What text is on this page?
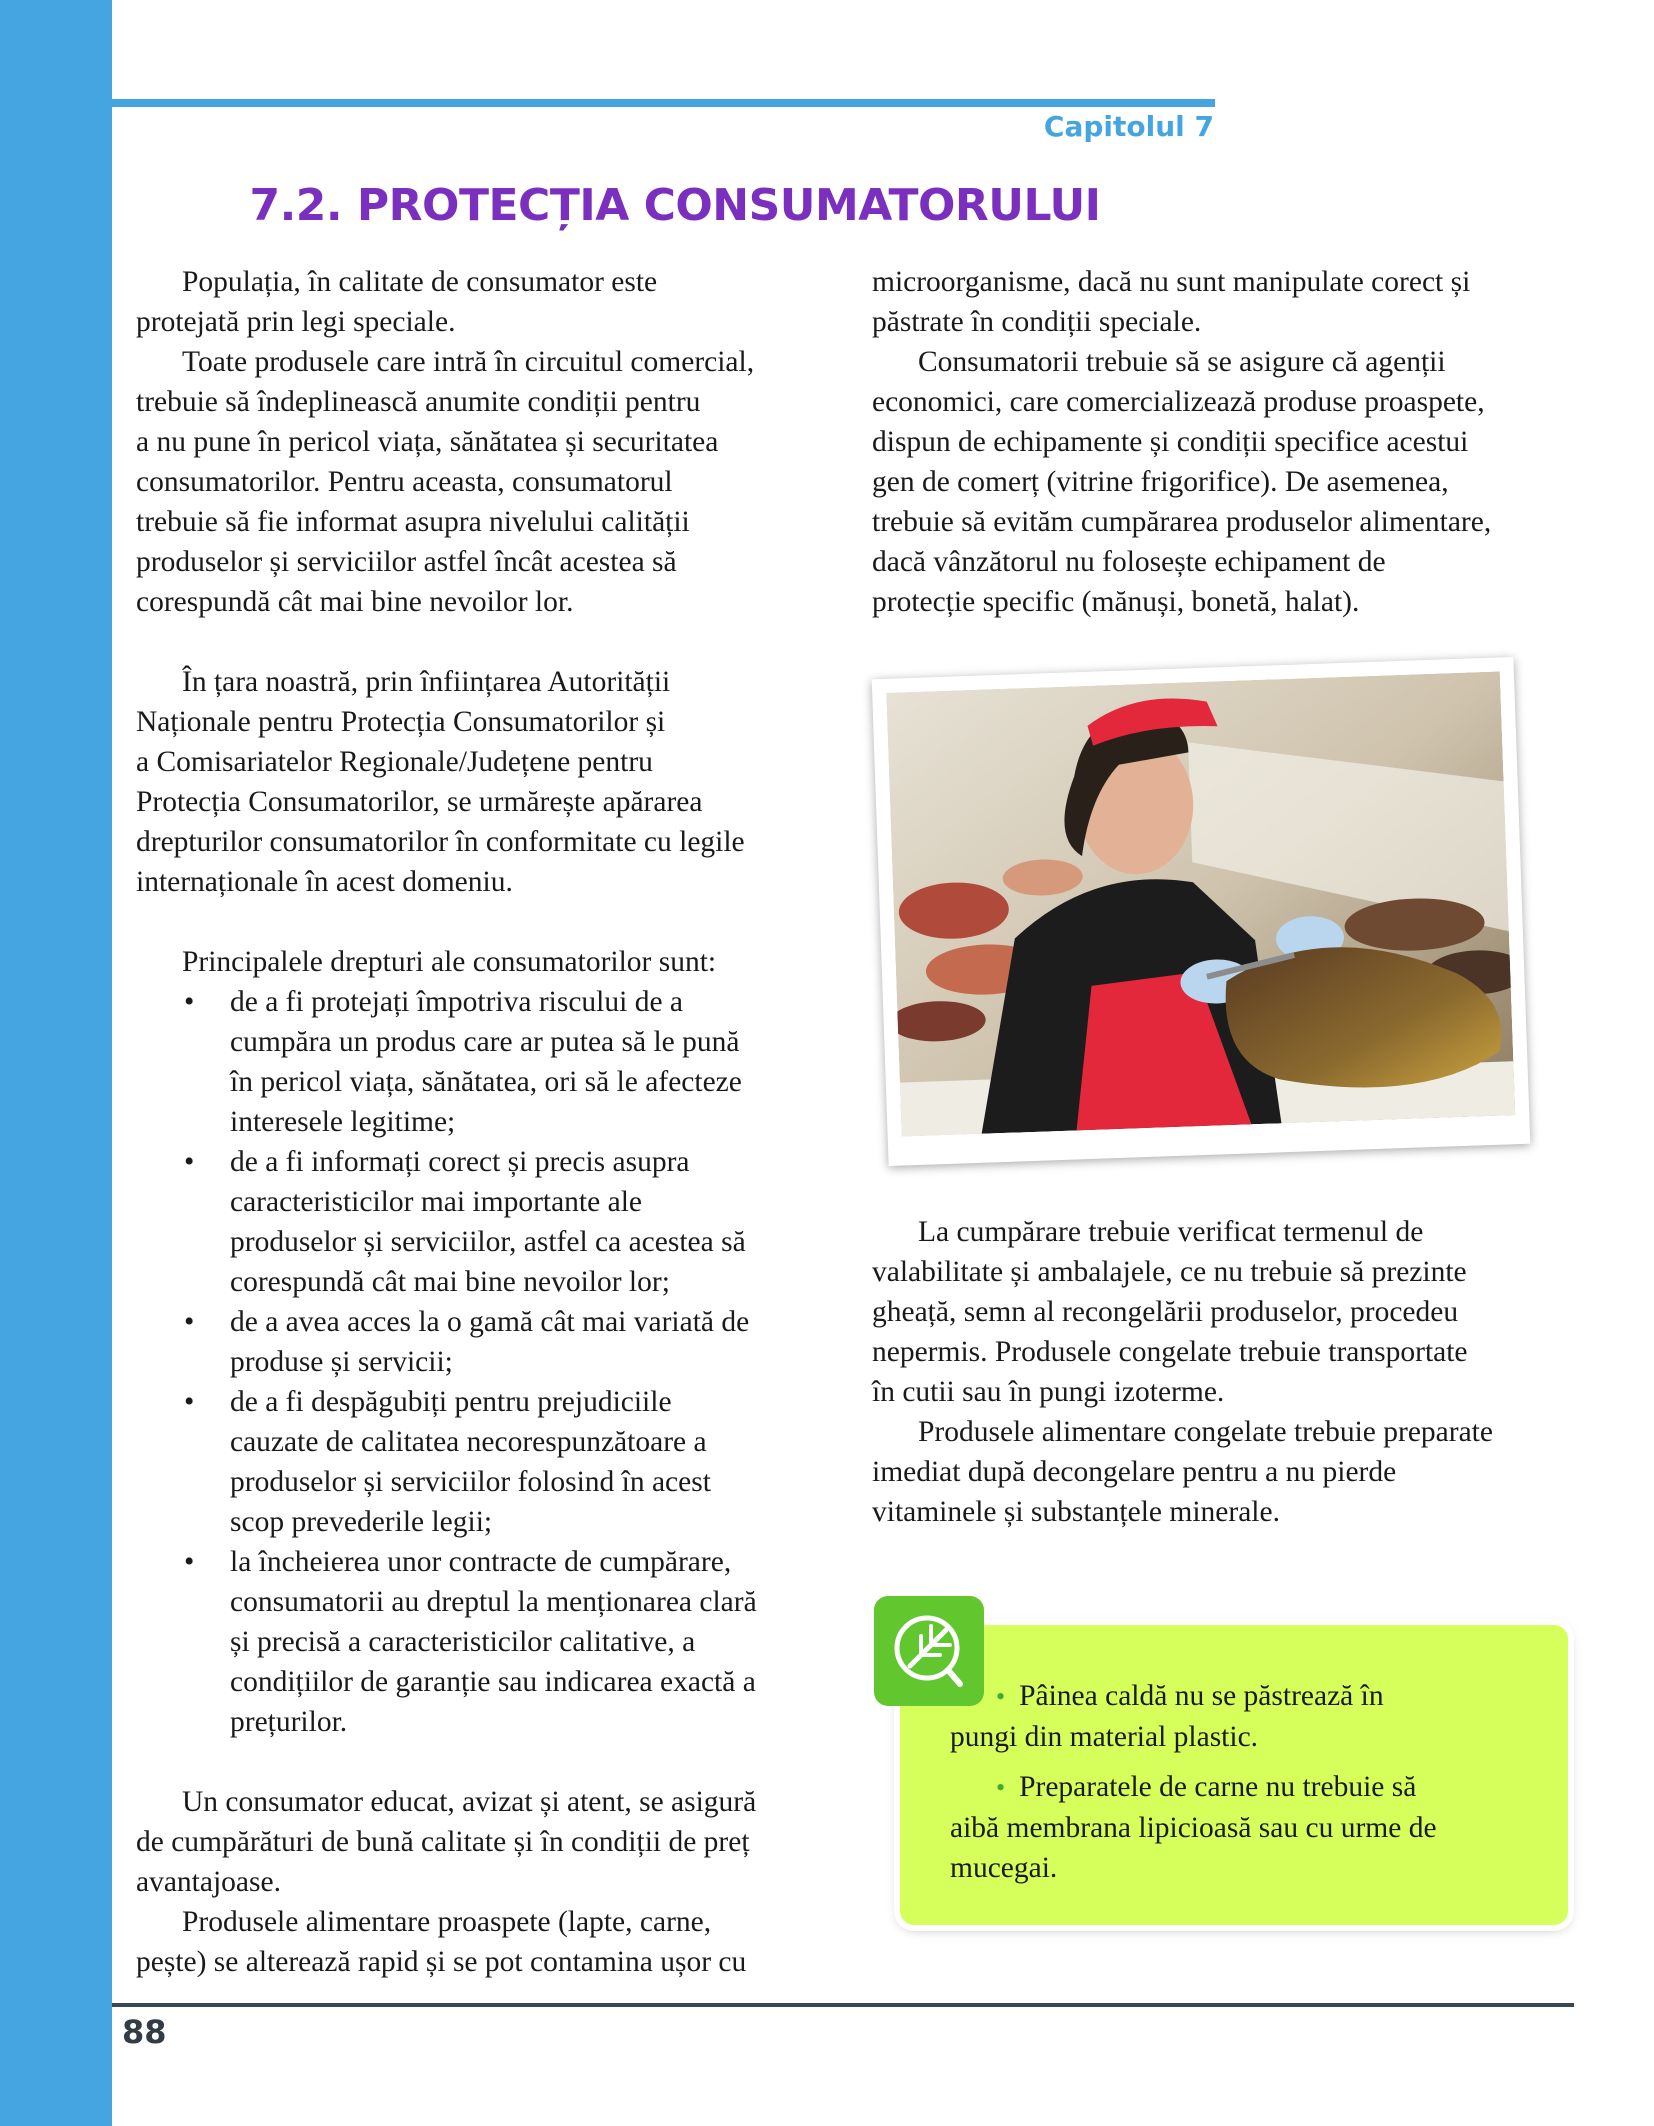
Capitolul 7
7.2. PROTECȚIA CONSUMATORULUI

Populația, în calitate de consumator este
protejată prin legi speciale.

Toate produsele care intră în circuitul comercial,
trebuie să îndeplinească anumite condiții pentru
a nu pune în pericol viața, sănătatea și securitatea
consumatorilor. Pentru aceasta, consumatorul
trebuie să fie informat asupra nivelului calității
produselor și serviciilor astfel încât acestea să
corespundă cât mai bine nevoilor lor.

În țara noastră, prin înființarea Autorității
Naționale pentru Protecția Consumatorilor și
a Comisariatelor Regionale/Județene pentru
Protecția Consumatorilor, se urmărește apărarea
drepturilor consumatorilor în conformitate cu legile
internaționale în acest domeniu.

Principalele drepturi ale consumatorilor sunt:

• de a fi protejați împotriva riscului de a
cumpăra un produs care ar putea să le pună
în pericol viața, sănătatea, ori să le afecteze
interesele legitime;
• de a fi informați corect și precis asupra
caracteristicilor mai importante ale
produselor și serviciilor, astfel ca acestea să
corespundă cât mai bine nevoilor lor;
• de a avea acces la o gamă cât mai variată de
produse și servicii;
• de a fi despăgubiți pentru prejudiciile
cauzate de calitatea necorespunzătoare a
produselor și serviciilor folosind în acest
scop prevederile legii;
• la încheierea unor contracte de cumpărare,
consumatorii au dreptul la menționarea clară
și precisă a caracteristicilor calitative, a
condițiilor de garanție sau indicarea exactă a
prețurilor.

Un consumator educat, avizat și atent, se asigură
de cumpărături de bună calitate și în condiții de preț
avantajoase.

Produsele alimentare proaspete (lapte, carne,
pește) se alterează rapid și se pot contamina ușor cu

microorganisme, dacă nu sunt manipulate corect și
păstrate în condiții speciale.

Consumatorii trebuie să se asigure că agenții
economici, care comercializează produse proaspete,
dispun de echipamente și condiții specifice acestui
gen de comerț (vitrine frigorifice). De asemenea,
trebuie să evităm cumpărarea produselor alimentare,
dacă vânzătorul nu folosește echipament de
protecție specific (mănuși, bonetă, halat).

La cumpărare trebuie verificat termenul de
valabilitate și ambalajele, ce nu trebuie să prezinte
gheață, semn al recongelării produselor, procedeu
nepermis. Produsele congelate trebuie transportate
în cutii sau în pungi izoterme.

Produsele alimentare congelate trebuie preparate
imediat după decongelare pentru a nu pierde
vitaminele și substanțele minerale.

• Pâinea caldă nu se păstrează în
pungi din material plastic.

• Preparatele de carne nu trebuie să
aibă membrana lipicioasă sau cu urme de
mucegai.

88
